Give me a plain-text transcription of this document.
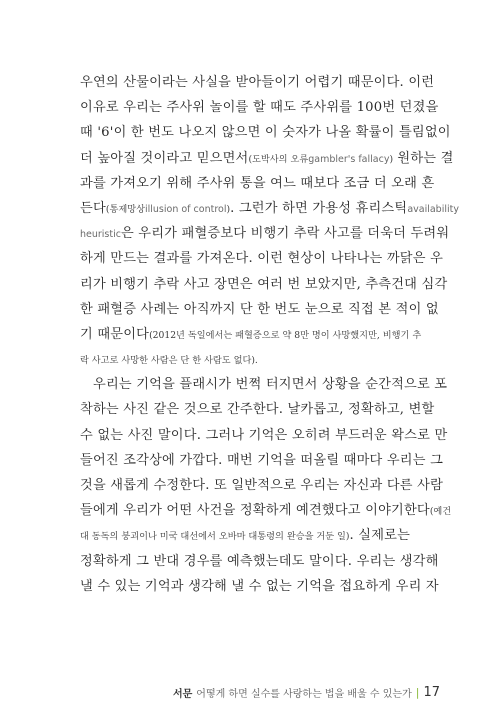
우연의 산물이라는 사실을 받아들이기 어렵기 때문이다. 이런
이유로 우리는 주사위 놀이를 할 때도 주사위를 100번 던졌을
때 '6'이 한 번도 나오지 않으면 이 숫자가 나올 확률이 틀림없이
더 높아질 것이라고 믿으면서(도박사의 오류gambler's fallacy) 원하는 결
과를 가져오기 위해 주사위 통을 여느 때보다 조금 더 오래 흔
든다(통제망상illusion of control). 그런가 하면 가용성 휴리스틱availability
heuristic은 우리가 패혈증보다 비행기 추락 사고를 더욱더 두려워
하게 만드는 결과를 가져온다. 이런 현상이 나타나는 까닭은 우
리가 비행기 추락 사고 장면은 여러 번 보았지만, 추측건대 심각
한 패혈증 사례는 아직까지 단 한 번도 눈으로 직접 본 적이 없
기 때문이다(2012년 독일에서는 패혈증으로 약 8만 명이 사망했지만, 비행기 추
락 사고로 사망한 사람은 단 한 사람도 없다).
우리는 기억을 플래시가 번쩍 터지면서 상황을 순간적으로 포
착하는 사진 같은 것으로 간주한다. 날카롭고, 정확하고, 변할
수 없는 사진 말이다. 그러나 기억은 오히려 부드러운 왁스로 만
들어진 조각상에 가깝다. 매번 기억을 떠올릴 때마다 우리는 그
것을 새롭게 수정한다. 또 일반적으로 우리는 자신과 다른 사람
들에게 우리가 어떤 사건을 정확하게 예견했다고 이야기한다(예건
대 동독의 붕괴이나 미국 대선에서 오바마 대통령의 완승을 거둔 일). 실제로는
정확하게 그 반대 경우를 예측했는데도 말이다. 우리는 생각해
낼 수 있는 기억과 생각해 낼 수 없는 기억을 접요하게 우리 자
서문 어떻게 하면 실수를 사랑하는 법을 배울 수 있는가 | 17
